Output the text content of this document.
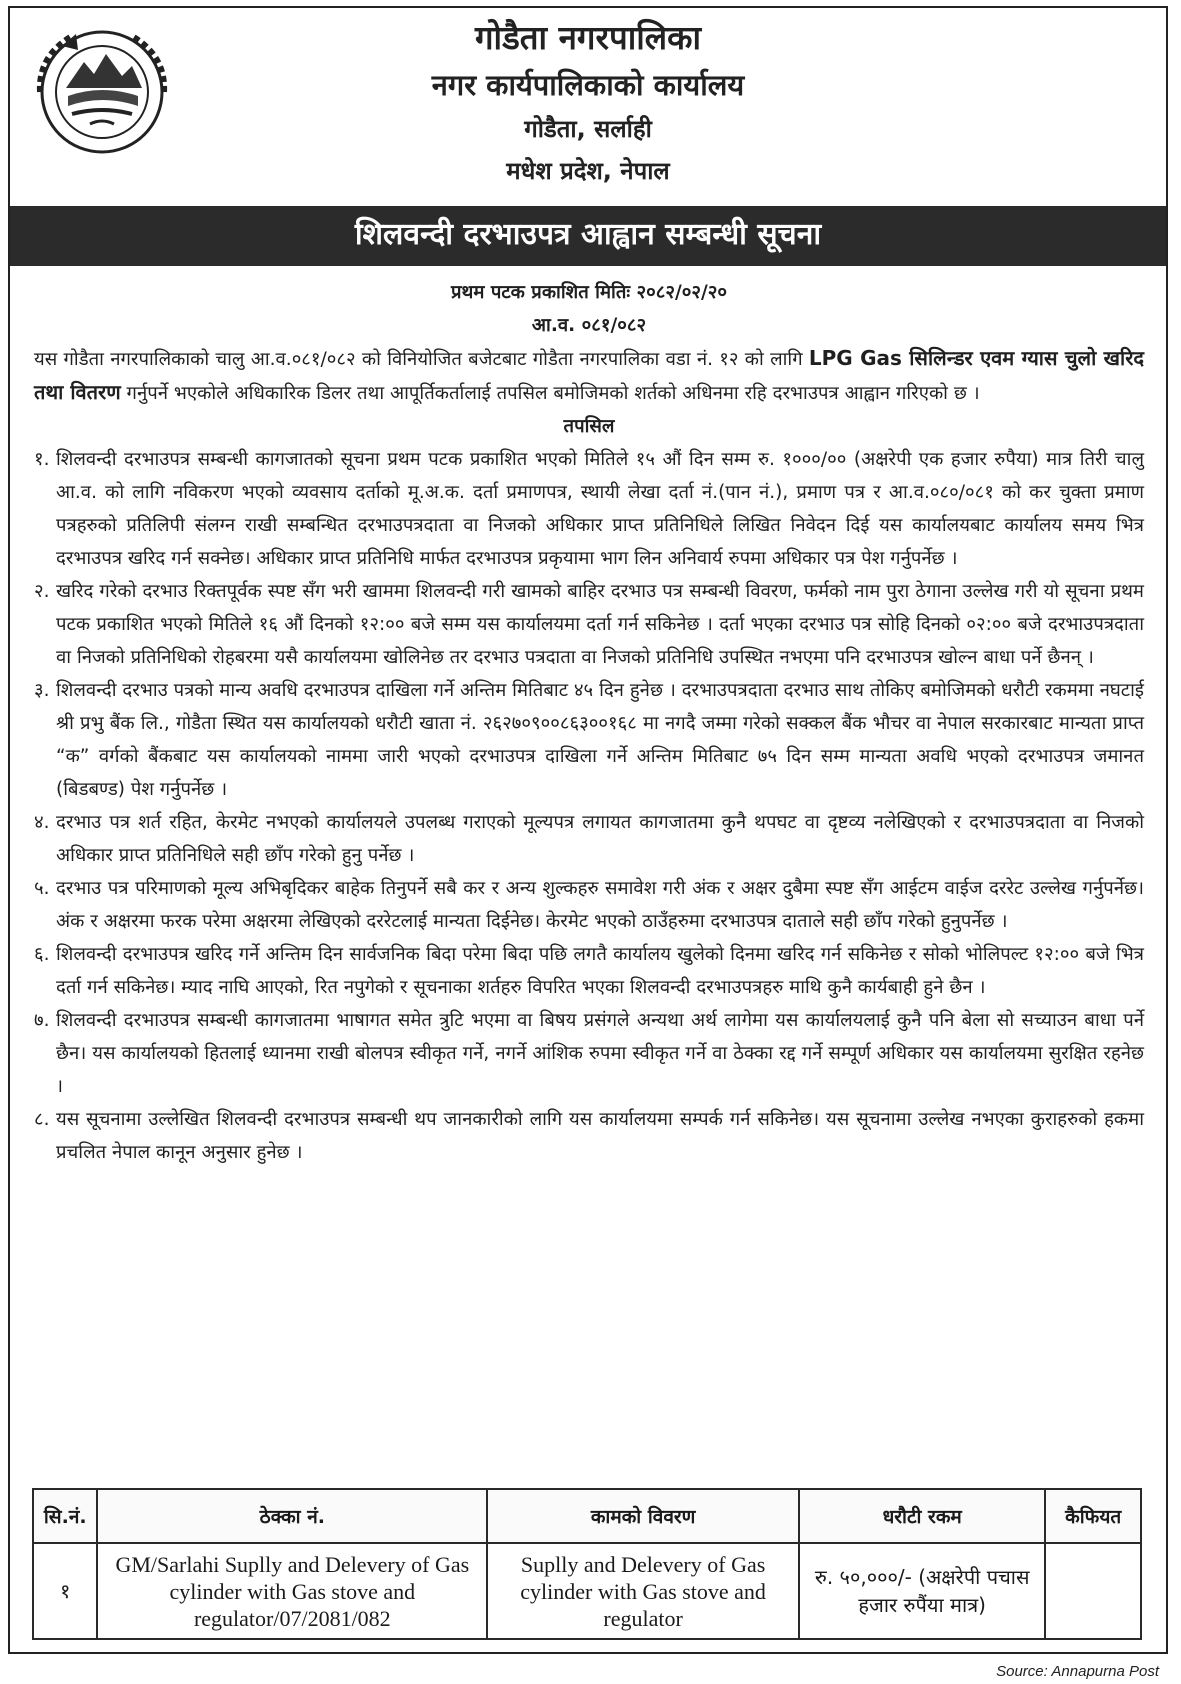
गोडैता नगरपालिका
नगर कार्यपालिकाको कार्यालय
गोडैता, सर्लाही
मधेश प्रदेश, नेपाल
शिलवन्दी दरभाउपत्र आह्वान सम्बन्धी सूचना
प्रथम पटक प्रकाशित मितिः २०८२/०२/२०
आ.व. ०८१/०८२

यस गोडैता नगरपालिकाको चालु आ.व.०८१/०८२ को विनियोजित बजेटबाट गोडैता नगरपालिका वडा नं. १२ को लागि LPG Gas सिलिन्डर एवम ग्यास चुलो खरिद तथा वितरण गर्नुपर्ने भएकोले अधिकारिक डिलर तथा आपूर्तिकर्तालाई तपसिल बमोजिमको शर्तको अधिनमा रहि दरभाउपत्र आह्वान गरिएको छ ।

तपसिल
१. शिलवन्दी दरभाउपत्र सम्बन्धी कागजातको सूचना प्रथम पटक प्रकाशित भएको मितिले १५ औं दिन सम्म रु. १०००/०० (अक्षरेपी एक हजार रुपैया) मात्र तिरी चालु आ.व. को लागि नविकरण भएको व्यवसाय दर्ताको मू.अ.क. दर्ता प्रमाणपत्र, स्थायी लेखा दर्ता नं.(पान नं.), प्रमाण पत्र र आ.व.०८०/०८१ को कर चुक्ता प्रमाण पत्रहरुको प्रतिलिपी संलग्न राखी सम्बन्धित दरभाउपत्रदाता वा निजको अधिकार प्राप्त प्रतिनिधिले लिखित निवेदन दिई यस कार्यालयबाट कार्यालय समय भित्र दरभाउपत्र खरिद गर्न सक्नेछ। अधिकार प्राप्त प्रतिनिधि मार्फत दरभाउपत्र प्रकृयामा भाग लिन अनिवार्य रुपमा अधिकार पत्र पेश गर्नुपर्नेछ ।
२. खरिद गरेको दरभाउ रिक्तपूर्वक स्पष्ट सँग भरी खाममा शिलवन्दी गरी खामको बाहिर दरभाउ पत्र सम्बन्धी विवरण, फर्मको नाम पुरा ठेगाना उल्लेख गरी यो सूचना प्रथम पटक प्रकाशित भएको मितिले १६ औं दिनको १२:०० बजे सम्म यस कार्यालयमा दर्ता गर्न सकिनेछ । दर्ता भएका दरभाउ पत्र सोहि दिनको ०२:०० बजे दरभाउपत्रदाता वा निजको प्रतिनिधिको रोहबरमा यसै कार्यालयमा खोलिनेछ तर दरभाउ पत्रदाता वा निजको प्रतिनिधि उपस्थित नभएमा पनि दरभाउपत्र खोल्न बाधा पर्ने छैनन् ।
३. शिलवन्दी दरभाउ पत्रको मान्य अवधि दरभाउपत्र दाखिला गर्ने अन्तिम मितिबाट ४५ दिन हुनेछ । दरभाउपत्रदाता दरभाउ साथ तोकिए बमोजिमको धरौटी रकममा नघटाई श्री प्रभु बैंक लि., गोडैता स्थित यस कार्यालयको धरौटी खाता नं. २६२७०९००८६३००१६८ मा नगदै जम्मा गरेको सक्कल बैंक भौचर वा नेपाल सरकारबाट मान्यता प्राप्त “क” वर्गको बैंकबाट यस कार्यालयको नाममा जारी भएको दरभाउपत्र दाखिला गर्ने अन्तिम मितिबाट ७५ दिन सम्म मान्यता अवधि भएको दरभाउपत्र जमानत (बिडबण्ड) पेश गर्नुपर्नेछ ।
४. दरभाउ पत्र शर्त रहित, केरमेट नभएको कार्यालयले उपलब्ध गराएको मूल्यपत्र लगायत कागजातमा कुनै थपघट वा दृष्टव्य नलेखिएको र दरभाउपत्रदाता वा निजको अधिकार प्राप्त प्रतिनिधिले सही छाँप गरेको हुनु पर्नेछ ।
५. दरभाउ पत्र परिमाणको मूल्य अभिबृदिकर बाहेक तिनुपर्ने सबै कर र अन्य शुल्कहरु समावेश गरी अंक र अक्षर दुबैमा स्पष्ट सँग आईटम वाईज दररेट उल्लेख गर्नुपर्नेछ। अंक र अक्षरमा फरक परेमा अक्षरमा लेखिएको दररेटलाई मान्यता दिईनेछ। केरमेट भएको ठाउँहरुमा दरभाउपत्र दाताले सही छाँप गरेको हुनुपर्नेछ ।
६. शिलवन्दी दरभाउपत्र खरिद गर्ने अन्तिम दिन सार्वजनिक बिदा परेमा बिदा पछि लगतै कार्यालय खुलेको दिनमा खरिद गर्न सकिनेछ र सोको भोलिपल्ट १२:०० बजे भित्र दर्ता गर्न सकिनेछ। म्याद नाघि आएको, रित नपुगेको र सूचनाका शर्तहरु विपरित भएका शिलवन्दी दरभाउपत्रहरु माथि कुनै कार्यबाही हुने छैन ।
७. शिलवन्दी दरभाउपत्र सम्बन्धी कागजातमा भाषागत समेत त्रुटि भएमा वा बिषय प्रसंगले अन्यथा अर्थ लागेमा यस कार्यालयलाई कुनै पनि बेला सो सच्याउन बाधा पर्ने छैन। यस कार्यालयको हितलाई ध्यानमा राखी बोलपत्र स्वीकृत गर्ने, नगर्ने आंशिक रुपमा स्वीकृत गर्ने वा ठेक्का रद्द गर्ने सम्पूर्ण अधिकार यस कार्यालयमा सुरक्षित रहनेछ ।
८. यस सूचनामा उल्लेखित शिलवन्दी दरभाउपत्र सम्बन्धी थप जानकारीको लागि यस कार्यालयमा सम्पर्क गर्न सकिनेछ। यस सूचनामा उल्लेख नभएका कुराहरुको हकमा प्रचलित नेपाल कानून अनुसार हुनेछ ।
सि.नं.	ठेक्का नं.	कामको विवरण	धरौटी रकम	कैफियत
१	GM/Sarlahi Suplly and Delevery of Gas cylinder with Gas stove and regulator/07/2081/082	Suplly and Delevery of Gas cylinder with Gas stove and regulator	रु. ५०,०००/- (अक्षरेपी पचास हजार रुपैंया मात्र)	
Source: Annapurna Post
